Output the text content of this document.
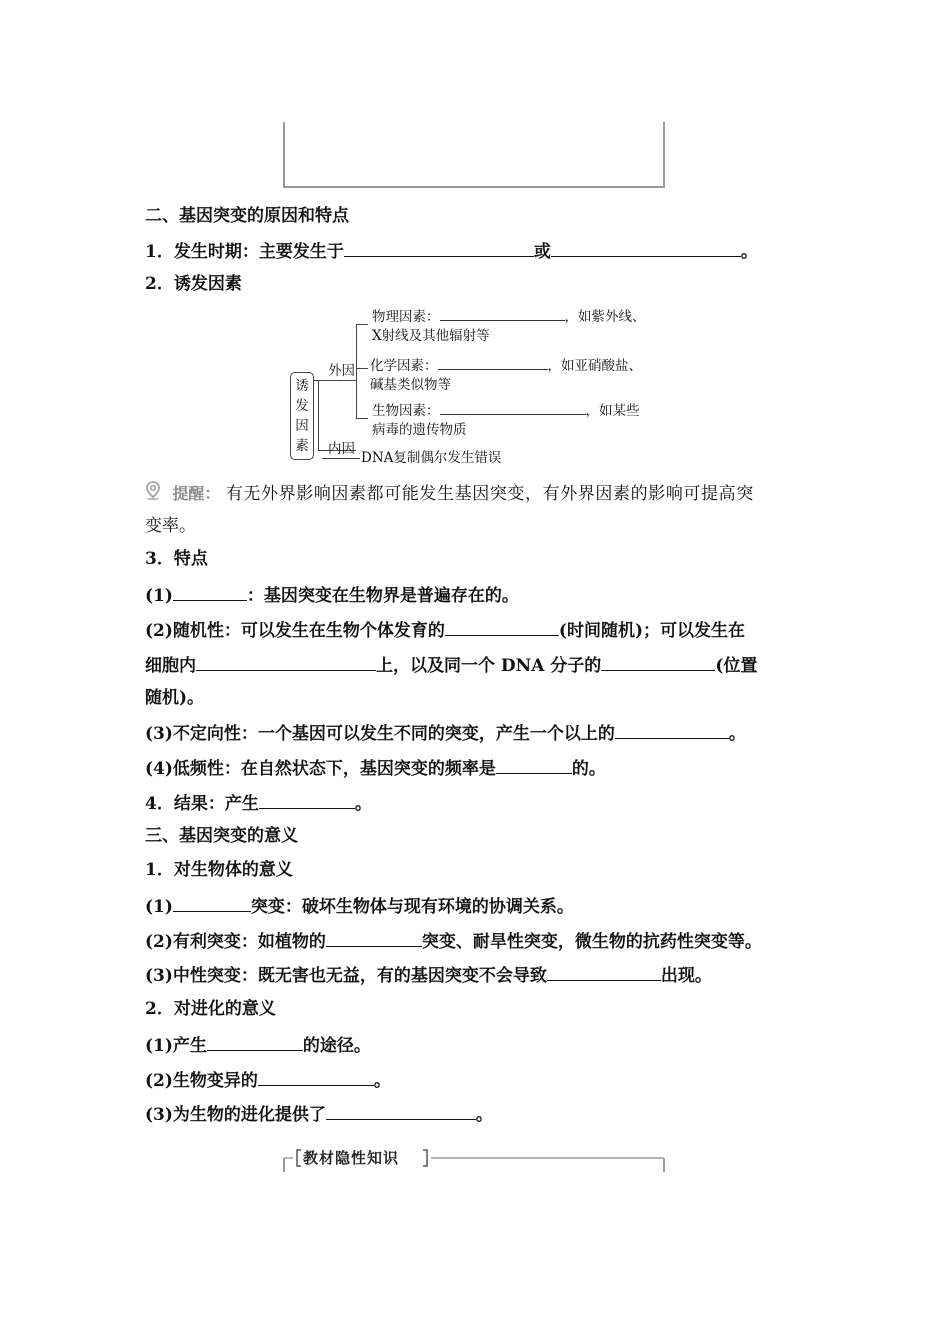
二、基因突变的原因和特点
1．发生时期：主要发生于	或	。
2．诱发因素
诱
发
因
素
外因
内因
物理因素：	，如紫外线、
X射线及其他辐射等
化学因素：	，如亚硝酸盐、
碱基类似物等
生物因素：	，如某些
病毒的遗传物质
DNA复制偶尔发生错误
提醒： 有无外界影响因素都可能发生基因突变，有外界因素的影响可提高突
变率。
3．特点
(1)	：基因突变在生物界是普遍存在的。
(2)随机性：可以发生在生物个体发育的	(时间随机)；可以发生在
细胞内	上，以及同一个 DNA 分子的	(位置
随机)。
(3)不定向性：一个基因可以发生不同的突变，产生一个以上的	。
(4)低频性：在自然状态下，基因突变的频率是	的。
4．结果：产生	。
三、基因突变的意义
1．对生物体的意义
(1)	突变：破坏生物体与现有环境的协调关系。
(2)有利突变：如植物的	突变、耐旱性突变，微生物的抗药性突变等。
(3)中性突变：既无害也无益，有的基因突变不会导致	出现。
2．对进化的意义
(1)产生	的途径。
(2)生物变异的	。
(3)为生物的进化提供了	。
教材隐性知识
